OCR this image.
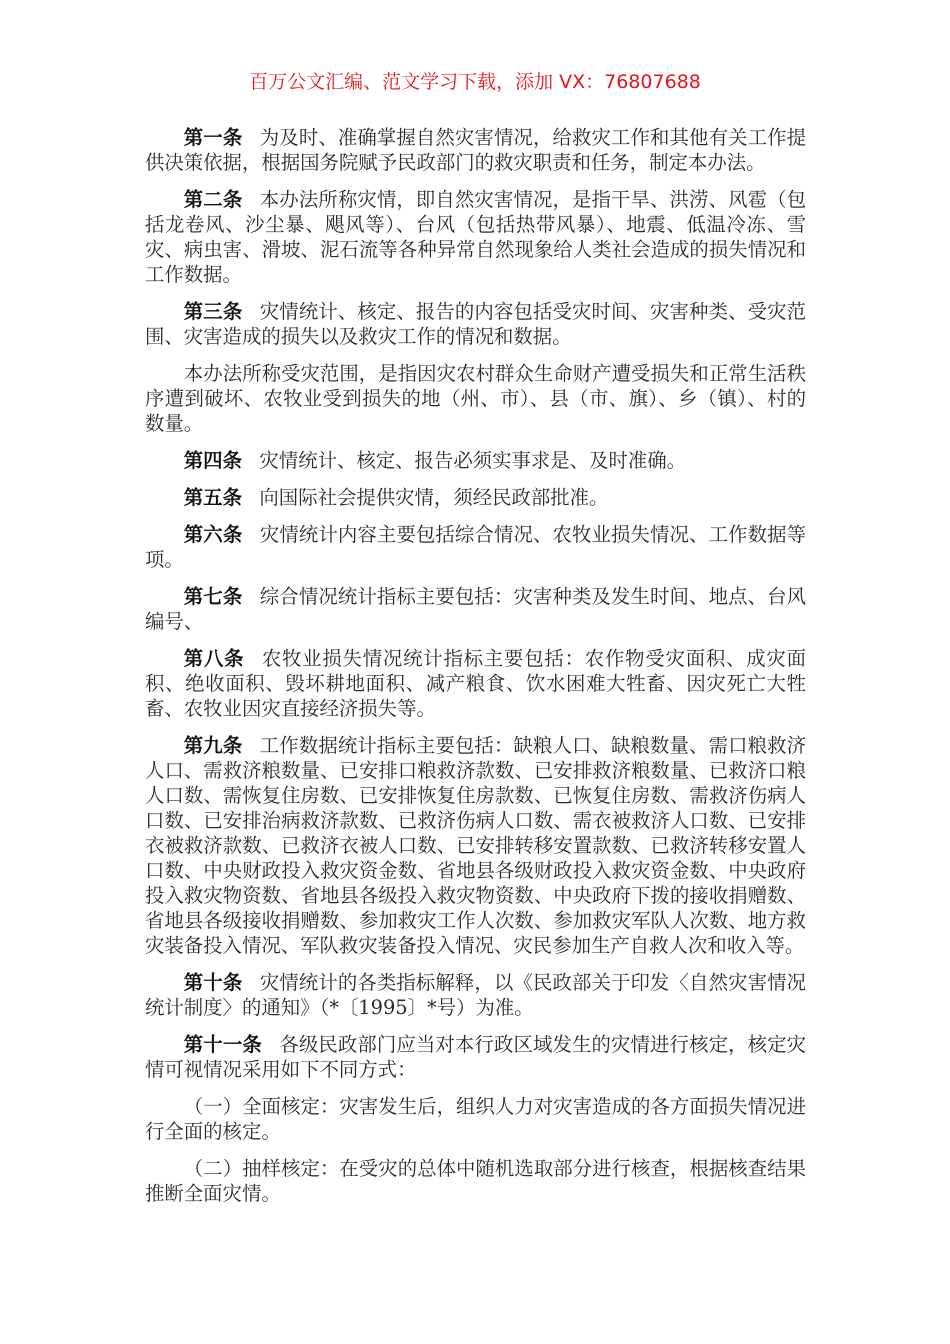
百万公文汇编、范文学习下载，添加 VX：76807688

第一条 为及时、准确掌握自然灾害情况，给救灾工作和其他有关工作提供决策依据，根据国务院赋予民政部门的救灾职责和任务，制定本办法。

第二条 本办法所称灾情，即自然灾害情况，是指干旱、洪涝、风雹（包括龙卷风、沙尘暴、飓风等）、台风（包括热带风暴）、地震、低温冷冻、雪灾、病虫害、滑坡、泥石流等各种异常自然现象给人类社会造成的损失情况和工作数据。

第三条 灾情统计、核定、报告的内容包括受灾时间、灾害种类、受灾范围、灾害造成的损失以及救灾工作的情况和数据。

本办法所称受灾范围，是指因灾农村群众生命财产遭受损失和正常生活秩序遭到破坏、农牧业受到损失的地（州、市）、县（市、旗）、乡（镇）、村的数量。

第四条 灾情统计、核定、报告必须实事求是、及时准确。

第五条 向国际社会提供灾情，须经民政部批准。

第六条 灾情统计内容主要包括综合情况、农牧业损失情况、工作数据等项。

第七条 综合情况统计指标主要包括：灾害种类及发生时间、地点、台风编号、

第八条 农牧业损失情况统计指标主要包括：农作物受灾面积、成灾面积、绝收面积、毁坏耕地面积、减产粮食、饮水困难大牲畜、因灾死亡大牲畜、农牧业因灾直接经济损失等。

第九条 工作数据统计指标主要包括：缺粮人口、缺粮数量、需口粮救济人口、需救济粮数量、已安排口粮救济款数、已安排救济粮数量、已救济口粮人口数、需恢复住房数、已安排恢复住房款数、已恢复住房数、需救济伤病人口数、已安排治病救济款数、已救济伤病人口数、需衣被救济人口数、已安排衣被救济款数、已救济衣被人口数、已安排转移安置款数、已救济转移安置人口数、中央财政投入救灾资金数、省地县各级财政投入救灾资金数、中央政府投入救灾物资数、省地县各级投入救灾物资数、中央政府下拨的接收捐赠数、省地县各级接收捐赠数、参加救灾工作人次数、参加救灾军队人次数、地方救灾装备投入情况、军队救灾装备投入情况、灾民参加生产自救人次和收入等。

第十条 灾情统计的各类指标解释，以《民政部关于印发〈自然灾害情况统计制度〉的通知》（*〔1995〕*号）为准。

第十一条 各级民政部门应当对本行政区域发生的灾情进行核定，核定灾情可视情况采用如下不同方式：

（一）全面核定：灾害发生后，组织人力对灾害造成的各方面损失情况进行全面的核定。

（二）抽样核定：在受灾的总体中随机选取部分进行核查，根据核查结果推断全面灾情。
